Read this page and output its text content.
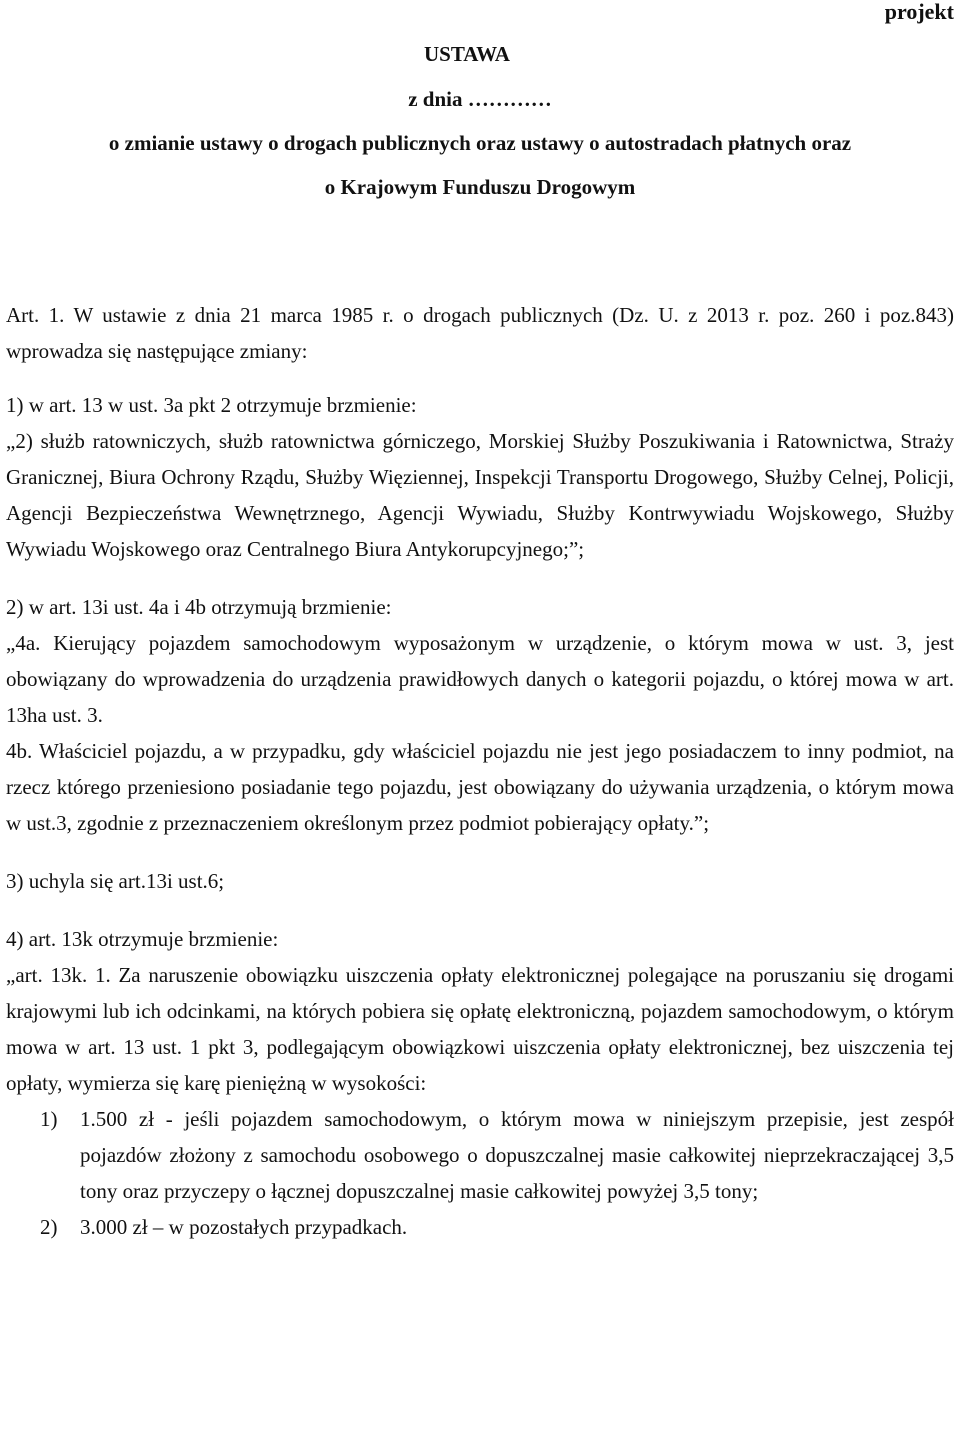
projekt
USTAWA
z dnia …………
o zmianie ustawy o drogach publicznych oraz ustawy o autostradach płatnych oraz
o Krajowym Funduszu Drogowym

Art. 1. W ustawie z dnia 21 marca 1985 r. o drogach publicznych (Dz. U. z 2013 r. poz. 260 i poz.843) wprowadza się następujące zmiany:

1) w art. 13 w ust. 3a pkt 2 otrzymuje brzmienie:

„2) służb ratowniczych, służb ratownictwa górniczego, Morskiej Służby Poszukiwania i Ratownictwa, Straży Granicznej, Biura Ochrony Rządu, Służby Więziennej, Inspekcji Transportu Drogowego, Służby Celnej, Policji, Agencji Bezpieczeństwa Wewnętrznego, Agencji Wywiadu, Służby Kontrwywiadu Wojskowego, Służby Wywiadu Wojskowego oraz Centralnego Biura Antykorupcyjnego;”;

2) w art. 13i ust. 4a i 4b otrzymują brzmienie:

„4a. Kierujący pojazdem samochodowym wyposażonym w urządzenie, o którym mowa w ust. 3, jest obowiązany do wprowadzenia do urządzenia prawidłowych danych o kategorii pojazdu, o której mowa w art. 13ha ust. 3.

4b. Właściciel pojazdu, a w przypadku, gdy właściciel pojazdu nie jest jego posiadaczem to inny podmiot, na rzecz którego przeniesiono posiadanie tego pojazdu, jest obowiązany do używania urządzenia, o którym mowa w ust.3, zgodnie z przeznaczeniem określonym przez podmiot pobierający opłaty.”;

3) uchyla się art.13i ust.6;

4) art. 13k otrzymuje brzmienie:

„art. 13k. 1. Za naruszenie obowiązku uiszczenia opłaty elektronicznej polegające na poruszaniu się drogami krajowymi lub ich odcinkami, na których pobiera się opłatę elektroniczną, pojazdem samochodowym, o którym mowa w art. 13 ust. 1 pkt 3, podlegającym obowiązkowi uiszczenia opłaty elektronicznej, bez uiszczenia tej opłaty, wymierza się karę pieniężną w wysokości:

1)	1.500 zł - jeśli pojazdem samochodowym, o którym mowa w niniejszym przepisie, jest zespół pojazdów złożony z samochodu osobowego o dopuszczalnej masie całkowitej nieprzekraczającej 3,5 tony oraz przyczepy o łącznej dopuszczalnej masie całkowitej powyżej 3,5 tony;
2)	3.000 zł – w pozostałych przypadkach.
